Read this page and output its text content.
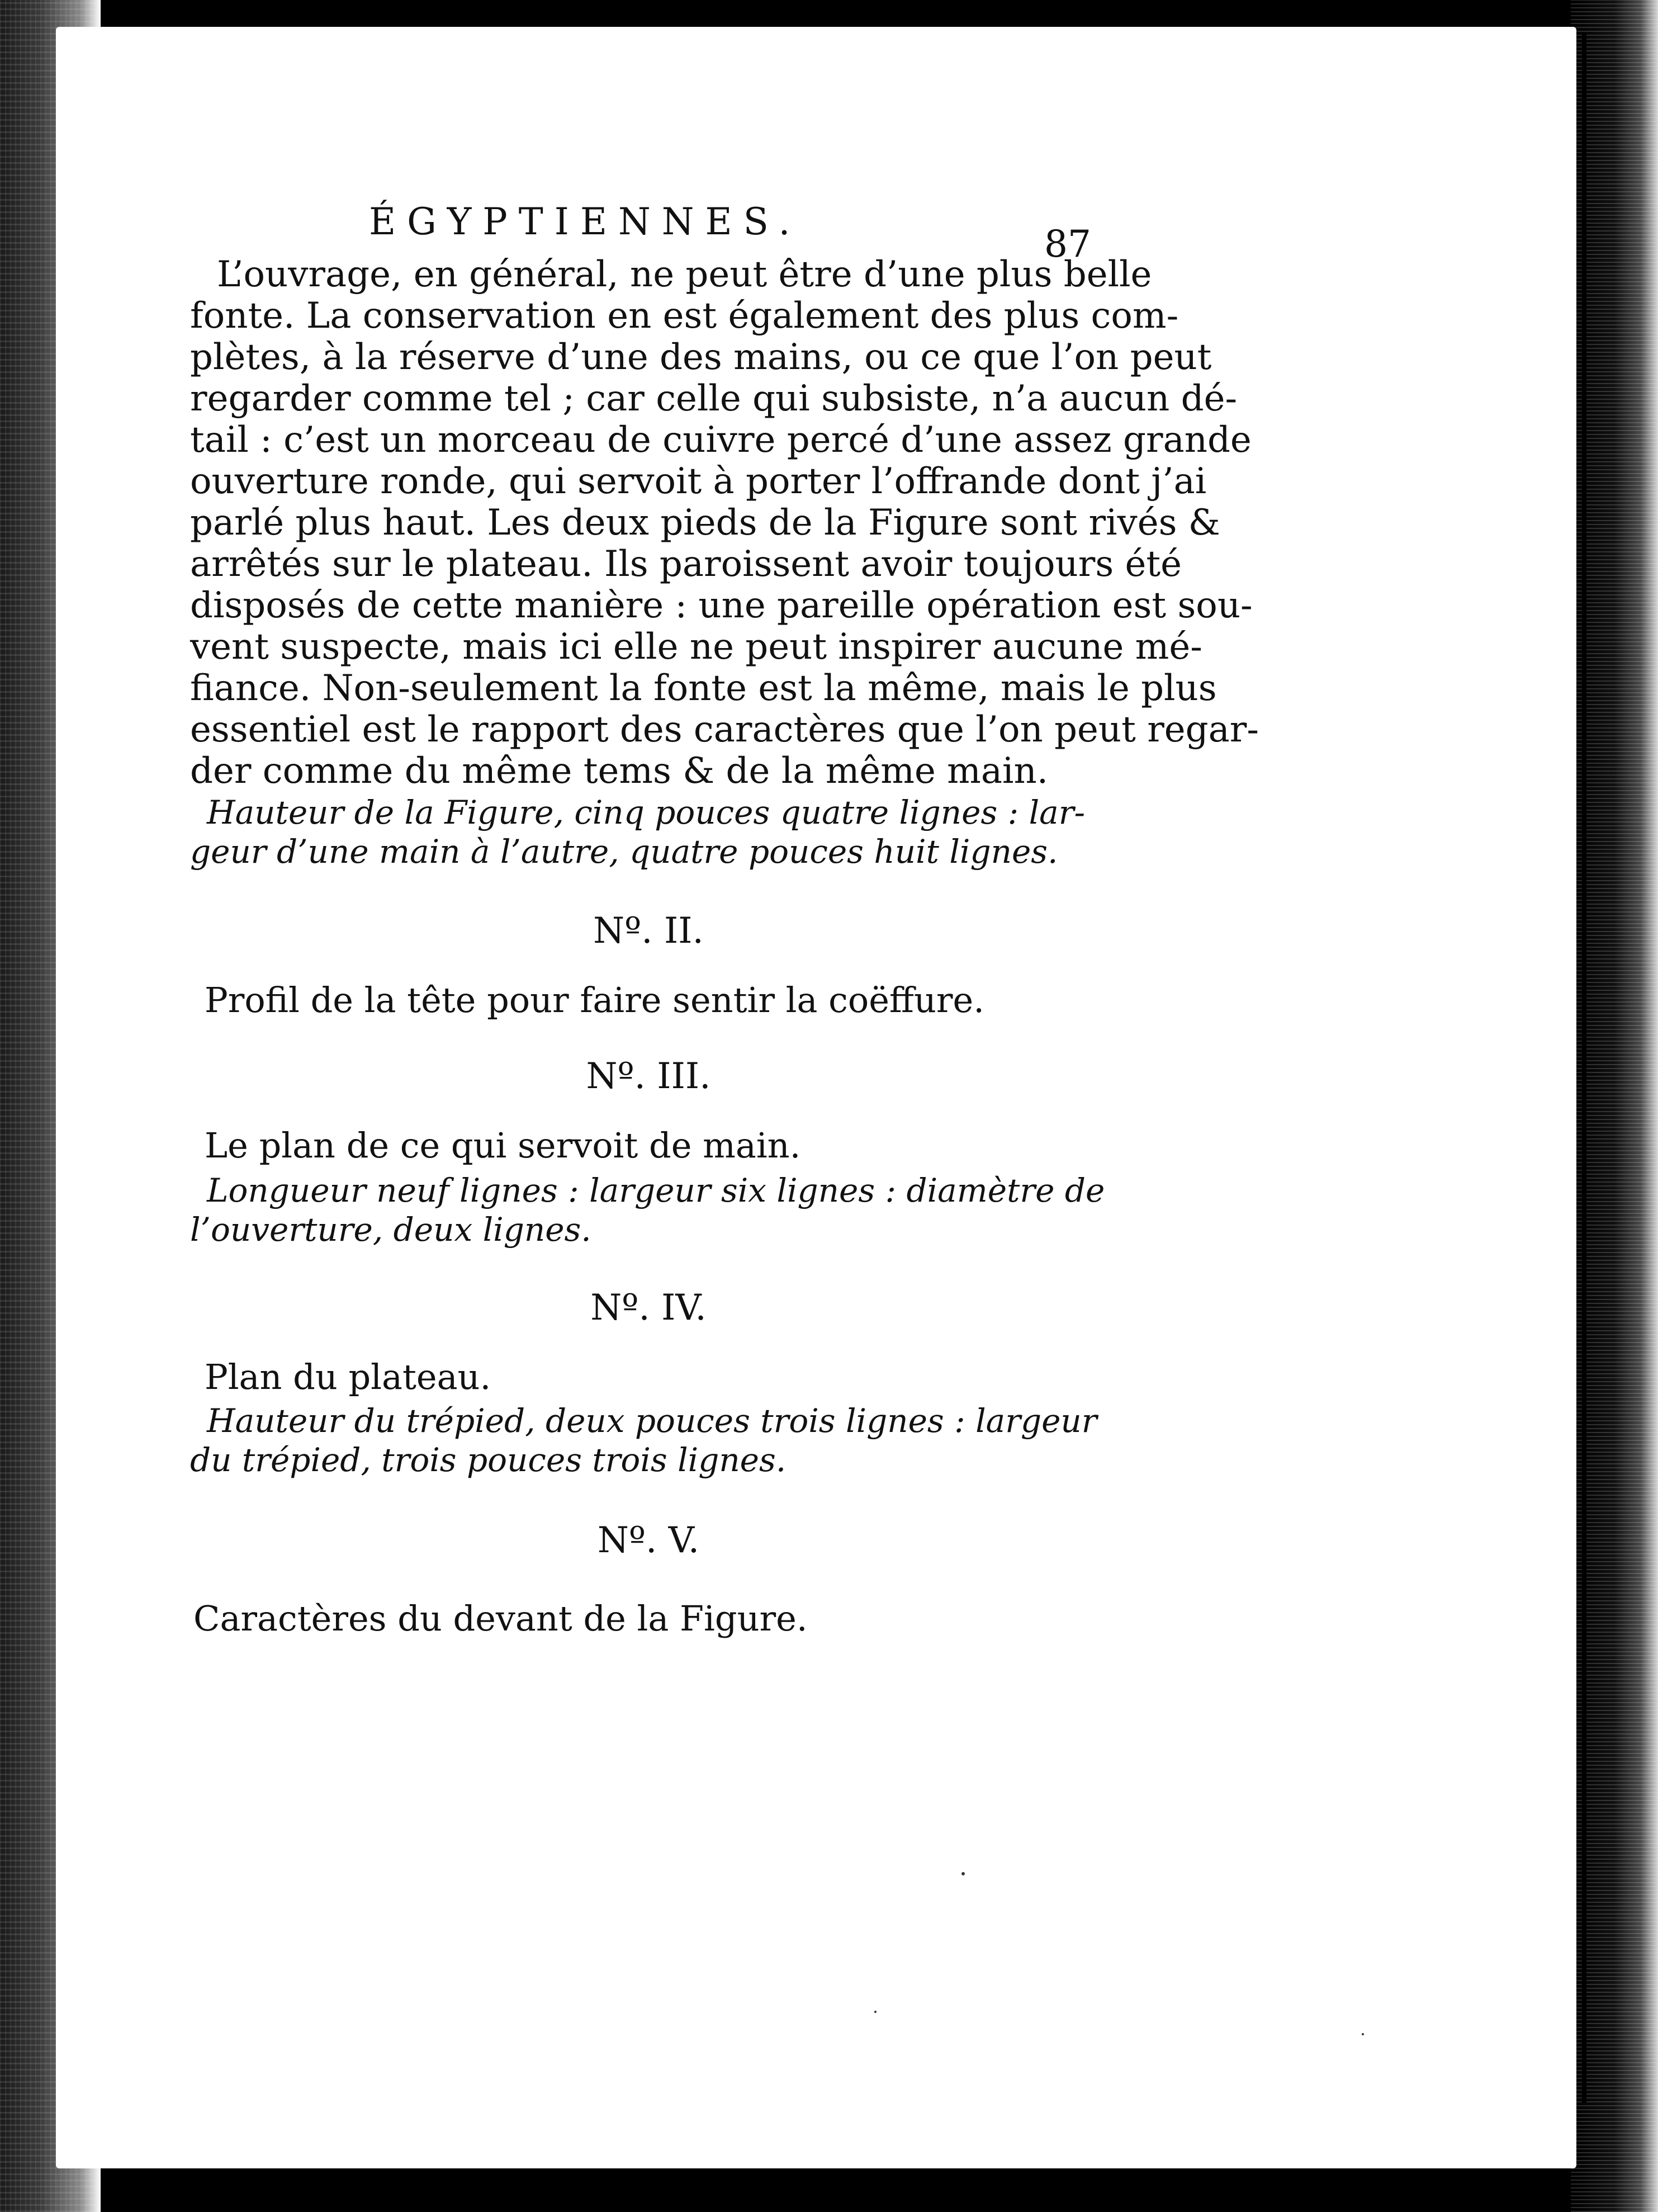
ÉGYPTIENNES.
87
L’ouvrage, en général, ne peut être d’une plus belle
fonte. La conservation en est également des plus com-
plètes, à la réserve d’une des mains, ou ce que l’on peut
regarder comme tel ; car celle qui subsiste, n’a aucun dé-
tail : c’est un morceau de cuivre percé d’une assez grande
ouverture ronde, qui servoit à porter l’offrande dont j’ai
parlé plus haut. Les deux pieds de la Figure sont rivés &
arrêtés sur le plateau. Ils paroissent avoir toujours été
disposés de cette manière : une pareille opération est sou-
vent suspecte, mais ici elle ne peut inspirer aucune mé-
fiance. Non-seulement la fonte est la même, mais le plus
essentiel est le rapport des caractères que l’on peut regar-
der comme du même tems & de la même main.
Hauteur de la Figure, cinq pouces quatre lignes : lar-
geur d’une main à l’autre, quatre pouces huit lignes.
Nº. II.
Profil de la tête pour faire sentir la coëffure.
Nº. III.
Le plan de ce qui servoit de main.
Longueur neuf lignes : largeur six lignes : diamètre de
l’ouverture, deux lignes.
Nº. IV.
Plan du plateau.
Hauteur du trépied, deux pouces trois lignes : largeur
du trépied, trois pouces trois lignes.
Nº. V.
Caractères du devant de la Figure.
